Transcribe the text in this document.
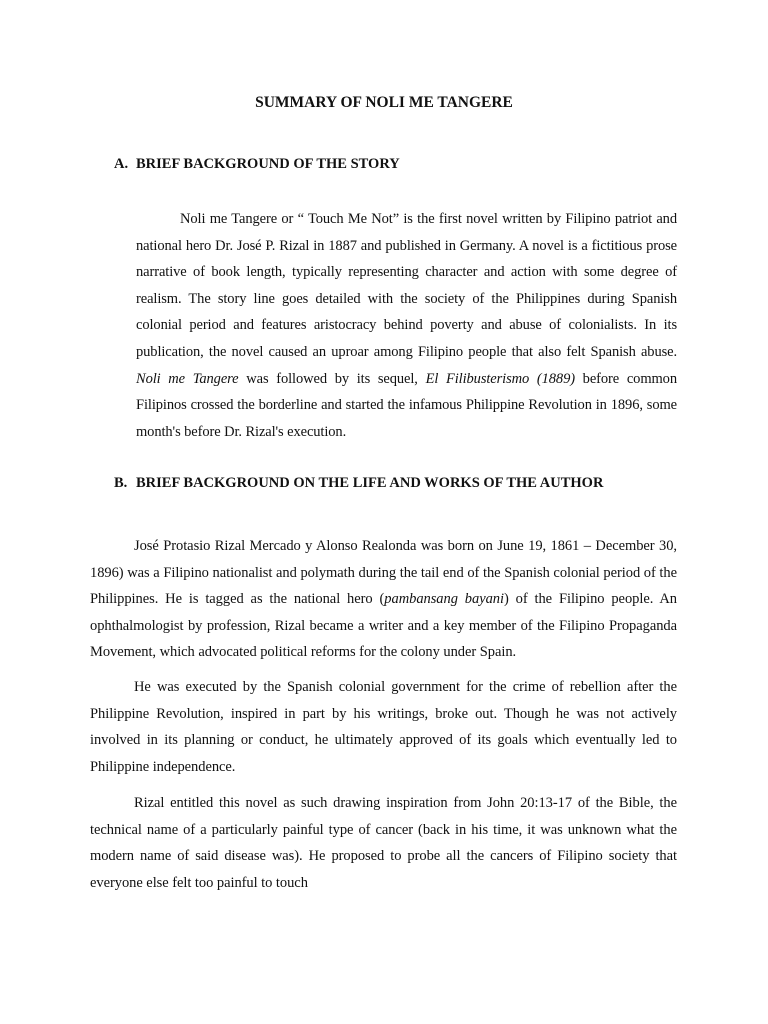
SUMMARY OF NOLI ME TANGERE
A. BRIEF BACKGROUND OF THE STORY

Noli me Tangere or “ Touch Me Not” is the first novel written by Filipino patriot and national hero Dr. José P. Rizal in 1887 and published in Germany. A novel is a fictitious prose narrative of book length, typically representing character and action with some degree of realism. The story line goes detailed with the society of the Philippines during Spanish colonial period and features aristocracy behind poverty and abuse of colonialists. In its publication, the novel caused an uproar among Filipino people that also felt Spanish abuse. Noli me Tangere was followed by its sequel, El Filibusterismo (1889) before common Filipinos crossed the borderline and started the infamous Philippine Revolution in 1896, some month's before Dr. Rizal's execution.

B. BRIEF BACKGROUND ON THE LIFE AND WORKS OF THE AUTHOR

José Protasio Rizal Mercado y Alonso Realonda was born on June 19, 1861 – December 30, 1896) was a Filipino nationalist and polymath during the tail end of the Spanish colonial period of the Philippines. He is tagged as the national hero (pambansang bayani) of the Filipino people. An ophthalmologist by profession, Rizal became a writer and a key member of the Filipino Propaganda Movement, which advocated political reforms for the colony under Spain.

He was executed by the Spanish colonial government for the crime of rebellion after the Philippine Revolution, inspired in part by his writings, broke out. Though he was not actively involved in its planning or conduct, he ultimately approved of its goals which eventually led to Philippine independence.

Rizal entitled this novel as such drawing inspiration from John 20:13-17 of the Bible, the technical name of a particularly painful type of cancer (back in his time, it was unknown what the modern name of said disease was). He proposed to probe all the cancers of Filipino society that everyone else felt too painful to touch
